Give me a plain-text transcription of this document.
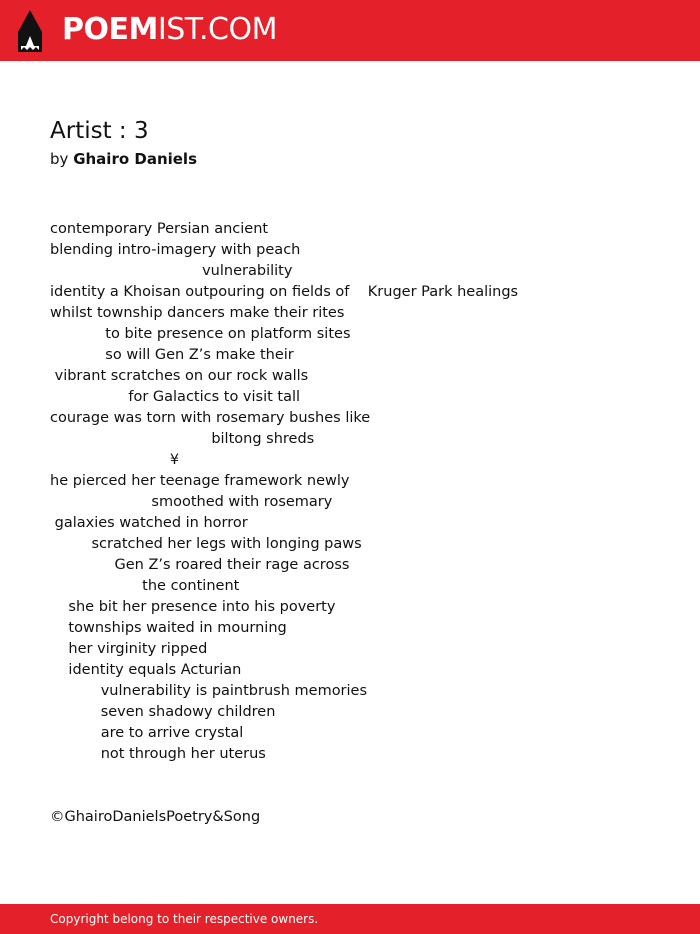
POEMIST.COM
Artist : 3
by Ghairo Daniels
contemporary Persian ancient
blending intro-imagery with peach
vulnerability
identity a Khoisan outpouring on fields of    Kruger Park healings
whilst township dancers make their rites
to bite presence on platform sites
so will Gen Z’s make their
vibrant scratches on our rock walls
for Galactics to visit tall
courage was torn with rosemary bushes like
biltong shreds
¥
he pierced her teenage framework newly
smoothed with rosemary
galaxies watched in horror
scratched her legs with longing paws
Gen Z’s roared their rage across
the continent
she bit her presence into his poverty
townships waited in mourning
her virginity ripped
identity equals Acturian
vulnerability is paintbrush memories
seven shadowy children
are to arrive crystal
not through her uterus
©GhairoDanielsPoetry&Song
Copyright belong to their respective owners.
